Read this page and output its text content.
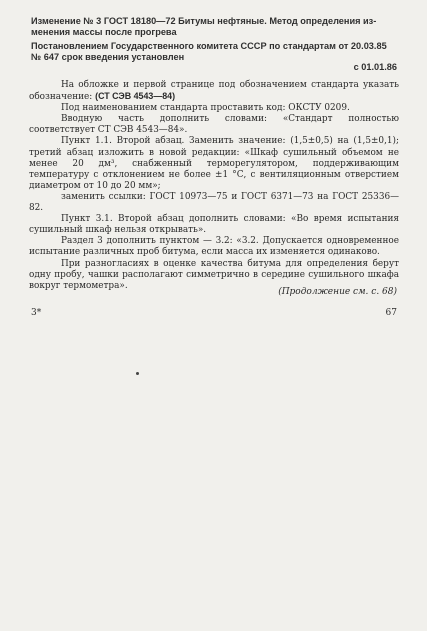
Изменение № 3 ГОСТ 18180—72 Битумы нефтяные. Метод определения из-
менения массы после прогрева
Постановлением Государственного комитета СССР по стандартам от 20.03.85
№ 647 срок введения установлен
с 01.01.86

На обложке и первой странице под обозначением стандарта указать обозначение: (СТ СЭВ 4543—84)

Под наименованием стандарта проставить код: ОКСТУ 0209.

Вводную часть дополнить словами: «Стандарт полностью соответствует СТ СЭВ 4543—84».

Пункт 1.1. Второй абзац. Заменить значение: (1,5±0,5) на (1,5±0,1); третий абзац изложить в новой редакции: «Шкаф сушильный объемом не менее 20 дм³, снабженный терморегулятором, поддерживающим температуру с отклонением не более ±1 °С, с вентиляционным отверстием диаметром от 10 до 20 мм»;

заменить ссылки: ГОСТ 10973—75 и ГОСТ 6371—73 на ГОСТ 25336—82.

Пункт 3.1. Второй абзац дополнить словами: «Во время испытания сушильный шкаф нельзя открывать».

Раздел 3 дополнить пунктом — 3.2: «3.2. Допускается одновременное испытание различных проб битума, если масса их изменяется одинаково.

При разногласиях в оценке качества битума для определения берут одну пробу, чашки располагают симметрично в середине сушильного шкафа вокруг термометра».

(Продолжение см. с. 68)
3*	67
